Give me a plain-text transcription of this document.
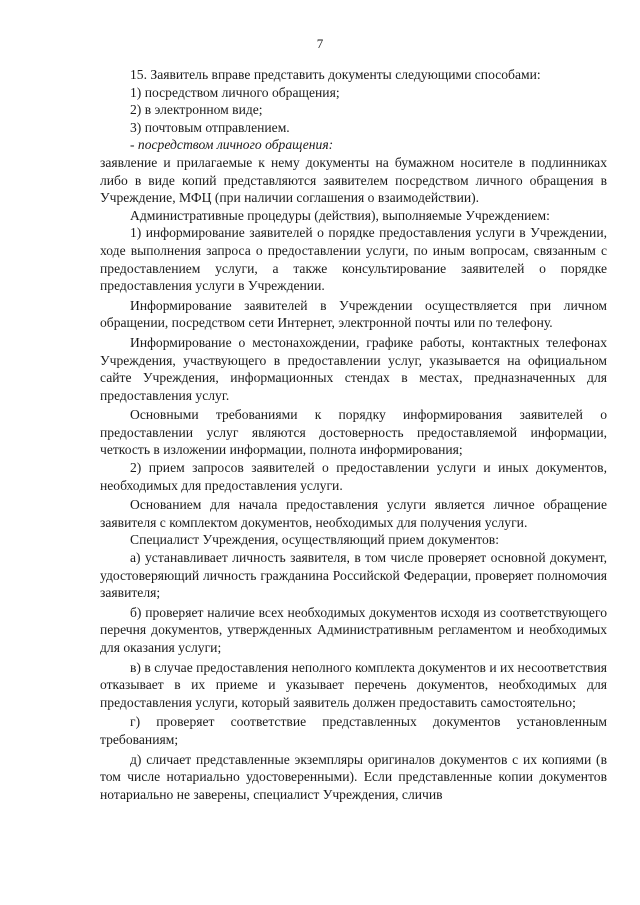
7

15. Заявитель вправе представить документы следующими способами:

1) посредством личного обращения;

2) в электронном виде;

3) почтовым отправлением.

- посредством личного обращения:

заявление и прилагаемые к нему документы на бумажном носителе в подлинниках либо в виде копий представляются заявителем посредством личного обращения в Учреждение, МФЦ (при наличии соглашения о взаимодействии).

Административные процедуры (действия), выполняемые Учреждением:

1) информирование заявителей о порядке предоставления услуги в Учреждении, ходе выполнения запроса о предоставлении услуги, по иным вопросам, связанным с предоставлением услуги, а также консультирование заявителей о порядке предоставления услуги в Учреждении.

Информирование заявителей в Учреждении осуществляется при личном обращении, посредством сети Интернет, электронной почты или по телефону.

Информирование о местонахождении, графике работы, контактных телефонах Учреждения, участвующего в предоставлении услуг, указывается на официальном сайте Учреждения, информационных стендах в местах, предназначенных для предоставления услуг.

Основными требованиями к порядку информирования заявителей о предоставлении услуг являются достоверность предоставляемой информации, четкость в изложении информации, полнота информирования;

2) прием запросов заявителей о предоставлении услуги и иных документов, необходимых для предоставления услуги.

Основанием для начала предоставления услуги является личное обращение заявителя с комплектом документов, необходимых для получения услуги.

Специалист Учреждения, осуществляющий прием документов:

а) устанавливает личность заявителя, в том числе проверяет основной документ, удостоверяющий личность гражданина Российской Федерации, проверяет полномочия заявителя;

б) проверяет наличие всех необходимых документов исходя из соответствующего перечня документов, утвержденных Административным регламентом и необходимых для оказания услуги;

в) в случае предоставления неполного комплекта документов и их несоответствия отказывает в их приеме и указывает перечень документов, необходимых для предоставления услуги, который заявитель должен предоставить самостоятельно;

г) проверяет соответствие представленных документов установленным требованиям;

д) сличает представленные экземпляры оригиналов документов с их копиями (в том числе нотариально удостоверенными). Если представленные копии документов нотариально не заверены, специалист Учреждения, сличив
